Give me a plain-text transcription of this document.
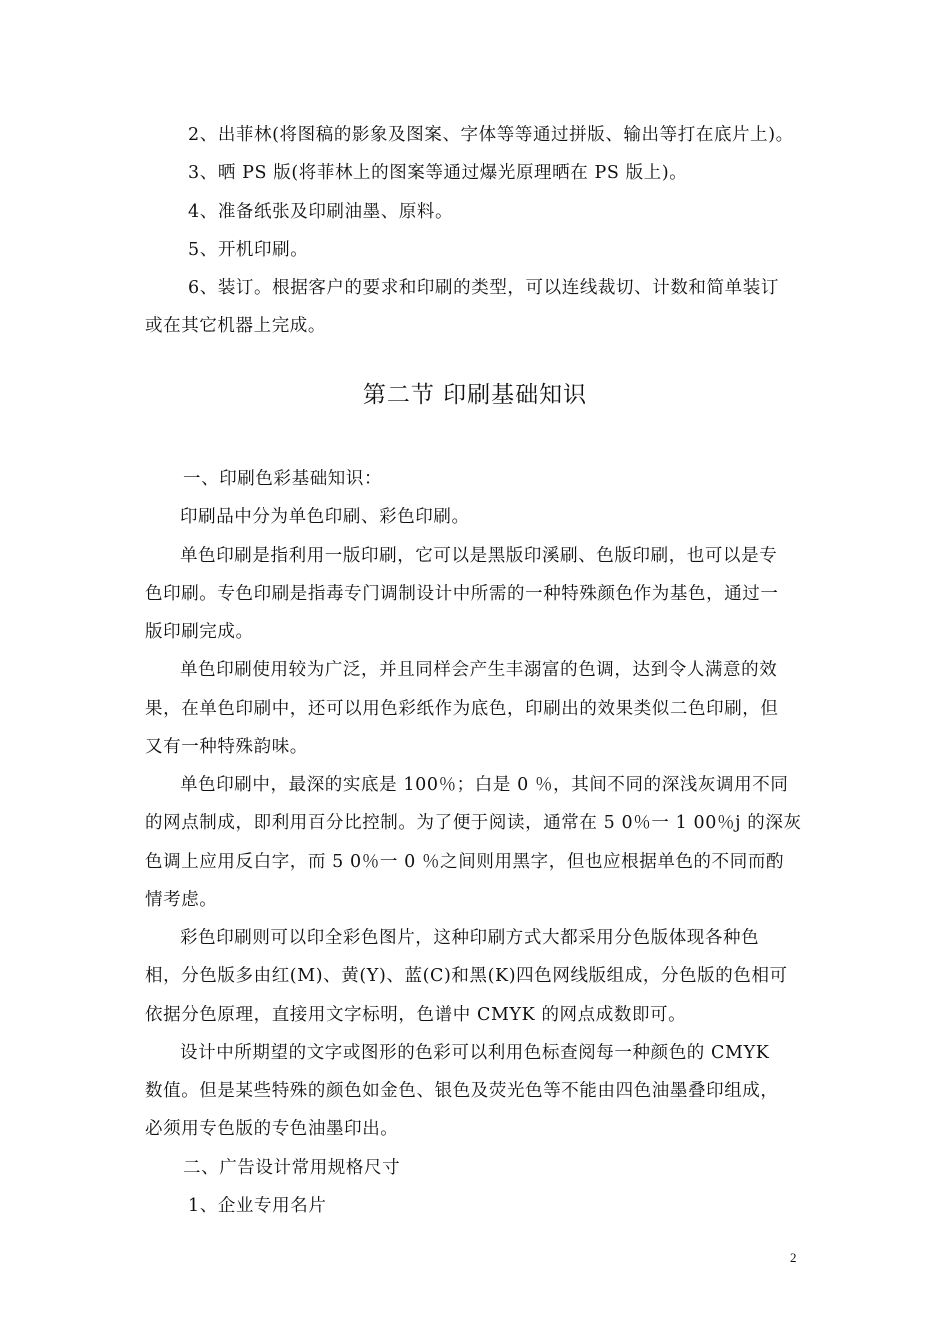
2、出菲林(将图稿的影象及图案、字体等等通过拼版、输出等打在底片上)。
3、晒 PS 版(将菲林上的图案等通过爆光原理晒在 PS 版上)。
4、准备纸张及印刷油墨、原料。
5、开机印刷。
6、装订。根据客户的要求和印刷的类型，可以连线裁切、计数和简单装订
或在其它机器上完成。
第二节 印刷基础知识
一、印刷色彩基础知识：
印刷品中分为单色印刷、彩色印刷。
单色印刷是指利用一版印刷，它可以是黑版印溪刷、色版印刷，也可以是专
色印刷。专色印刷是指毒专门调制设计中所需的一种特殊颜色作为基色，通过一
版印刷完成。
单色印刷使用较为广泛，并且同样会产生丰溺富的色调，达到令人满意的效
果，在单色印刷中，还可以用色彩纸作为底色，印刷出的效果类似二色印刷，但
又有一种特殊韵味。
单色印刷中，最深的实底是 100％；白是 0 ％，其间不同的深浅灰调用不同
的网点制成，即利用百分比控制。为了便于阅读，通常在 5 0％一 1 00％j 的深灰
色调上应用反白字，而 5 0％一 0 ％之间则用黑字，但也应根据单色的不同而酌
情考虑。
彩色印刷则可以印全彩色图片，这种印刷方式大都采用分色版体现各种色
相，分色版多由红(M)、黄(Y)、蓝(C)和黑(K)四色网线版组成，分色版的色相可
依据分色原理，直接用文字标明，色谱中 CMYK 的网点成数即可。
设计中所期望的文字或图形的色彩可以利用色标查阅每一种颜色的 CMYK
数值。但是某些特殊的颜色如金色、银色及荧光色等不能由四色油墨叠印组成，
必须用专色版的专色油墨印出。
二、广告设计常用规格尺寸
1、企业专用名片
2
